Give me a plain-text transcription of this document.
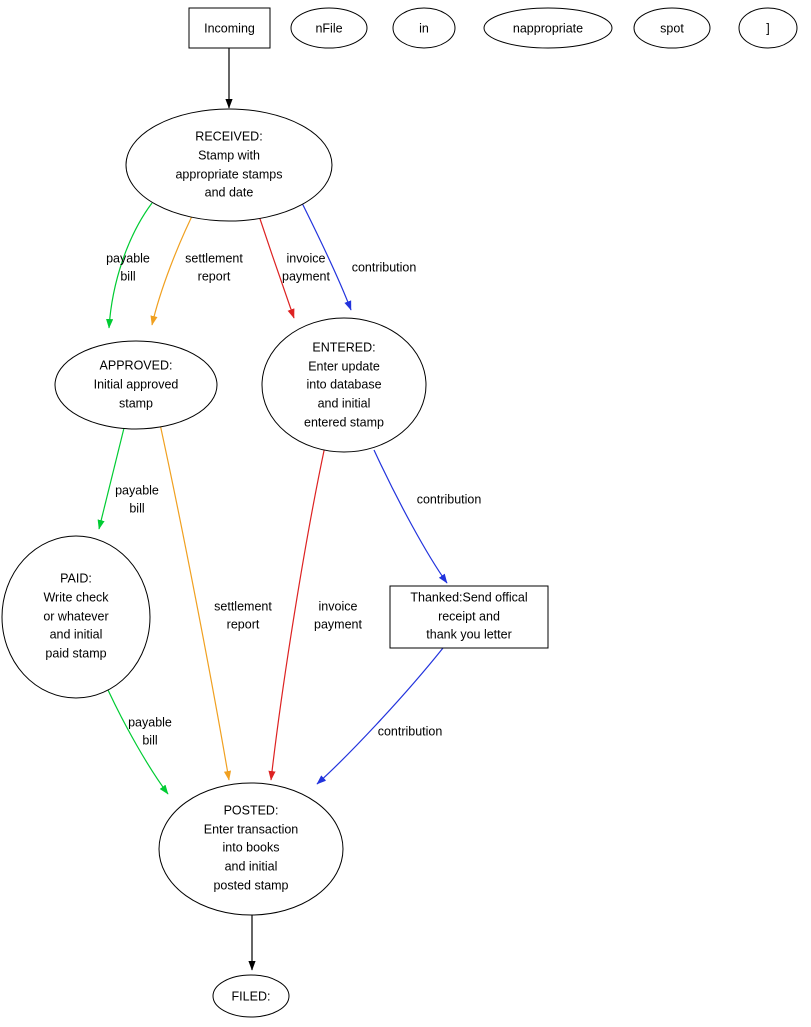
payable
bill
settlement
report
invoice
payment
contribution
payable
bill
settlement
report
invoice
payment
contribution
payable
bill
contribution
Incoming	nFile	in	nappropriate	spot	]
RECEIVED:
Stamp with
appropriate stamps
and date
APPROVED:
Initial approved
stamp
ENTERED:
Enter update
into database
and initial
entered stamp
PAID:
Write check
or whatever
and initial
paid stamp
Thanked:Send offical
receipt and
thank you letter
POSTED:
Enter transaction
into books
and initial
posted stamp
FILED:
